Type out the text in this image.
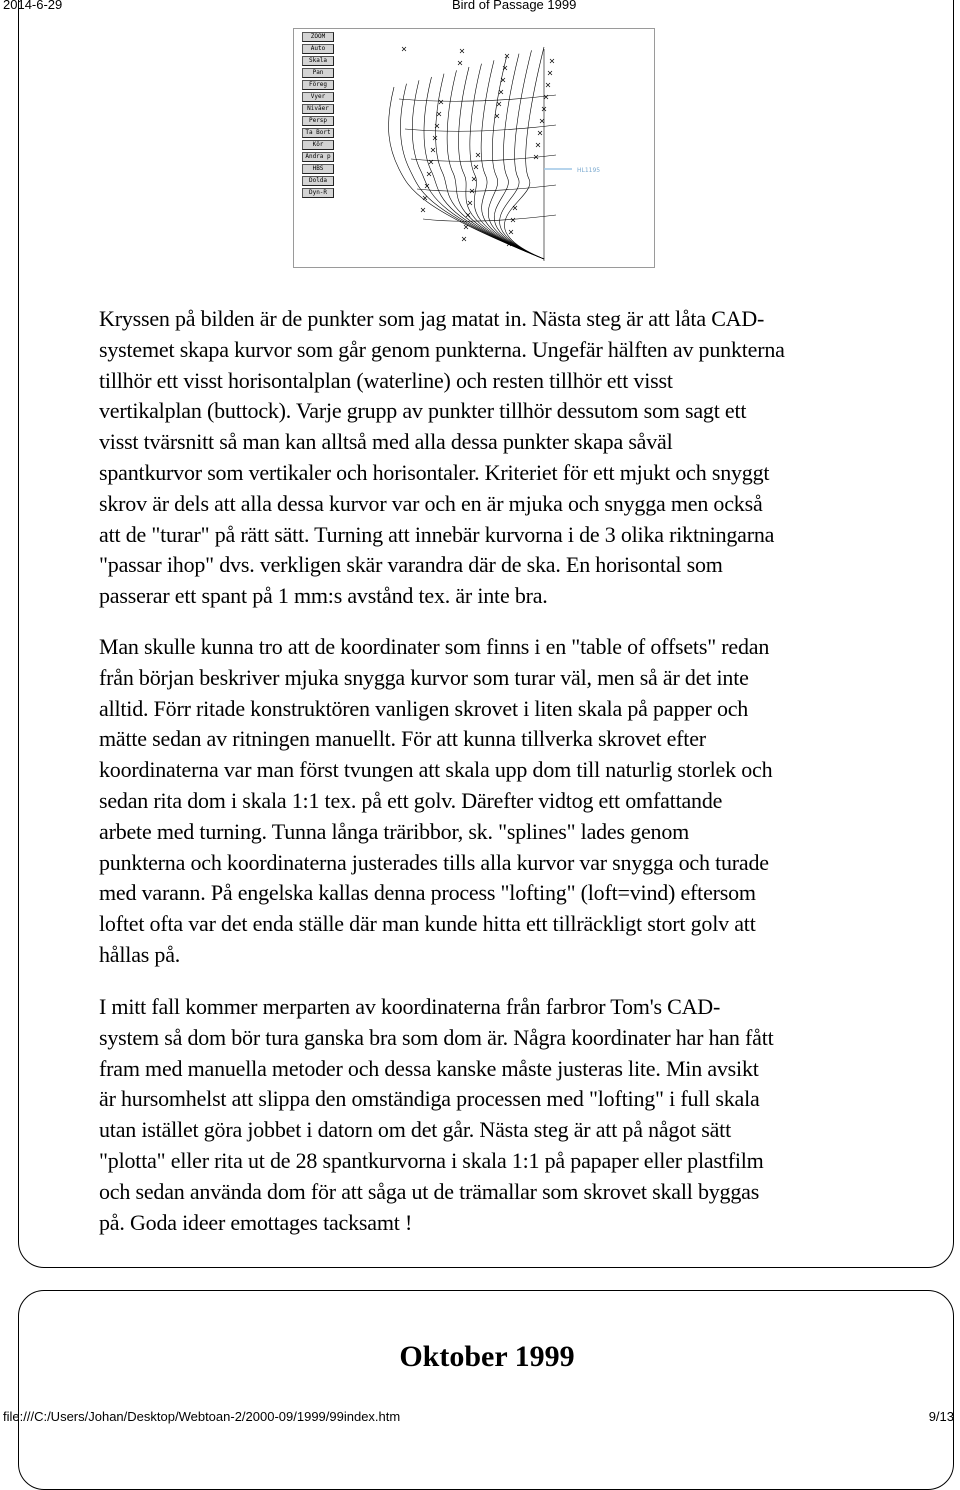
2014-6-29	Bird of Passage 1999
ZOOM
Auto
Skala
Pan
Föreg
Vyer
Nivåer
Persp
Ta Bort
Kör
Ändra p
HBS
Dolda
Dyn-R
HL1195
Kryssen på bilden är de punkter som jag matat in. Nästa steg är att låta CAD-
systemet skapa kurvor som går genom punkterna. Ungefär hälften av punkterna
tillhör ett visst horisontalplan (waterline) och resten tillhör ett visst
vertikalplan (buttock). Varje grupp av punkter tillhör dessutom som sagt ett
visst tvärsnitt så man kan alltså med alla dessa punkter skapa såväl
spantkurvor som vertikaler och horisontaler. Kriteriet för ett mjukt och snyggt
skrov är dels att alla dessa kurvor var och en är mjuka och snygga men också
att de "turar" på rätt sätt. Turning att innebär kurvorna i de 3 olika riktningarna
"passar ihop" dvs. verkligen skär varandra där de ska. En horisontal som
passerar ett spant på 1 mm:s avstånd tex. är inte bra.
Man skulle kunna tro att de koordinater som finns i en "table of offsets" redan
från början beskriver mjuka snygga kurvor som turar väl, men så är det inte
alltid. Förr ritade konstruktören vanligen skrovet i liten skala på papper och
mätte sedan av ritningen manuellt. För att kunna tillverka skrovet efter
koordinaterna var man först tvungen att skala upp dom till naturlig storlek och
sedan rita dom i skala 1:1 tex. på ett golv. Därefter vidtog ett omfattande
arbete med turning. Tunna långa träribbor, sk. "splines" lades genom
punkterna och koordinaterna justerades tills alla kurvor var snygga och turade
med varann. På engelska kallas denna process "lofting" (loft=vind) eftersom
loftet ofta var det enda ställe där man kunde hitta ett tillräckligt stort golv att
hållas på.
I mitt fall kommer merparten av koordinaterna från farbror Tom's CAD-
system så dom bör tura ganska bra som dom är. Några koordinater har han fått
fram med manuella metoder och dessa kanske måste justeras lite. Min avsikt
är hursomhelst att slippa den omständiga processen med "lofting" i full skala
utan istället göra jobbet i datorn om det går. Nästa steg är att på något sätt
"plotta" eller rita ut de 28 spantkurvorna i skala 1:1 på papaper eller plastfilm
och sedan använda dom för att såga ut de trämallar som skrovet skall byggas
på. Goda ideer emottages tacksamt !
Oktober 1999
file:///C:/Users/Johan/Desktop/Webtoan-2/2000-09/1999/99index.htm	9/13
